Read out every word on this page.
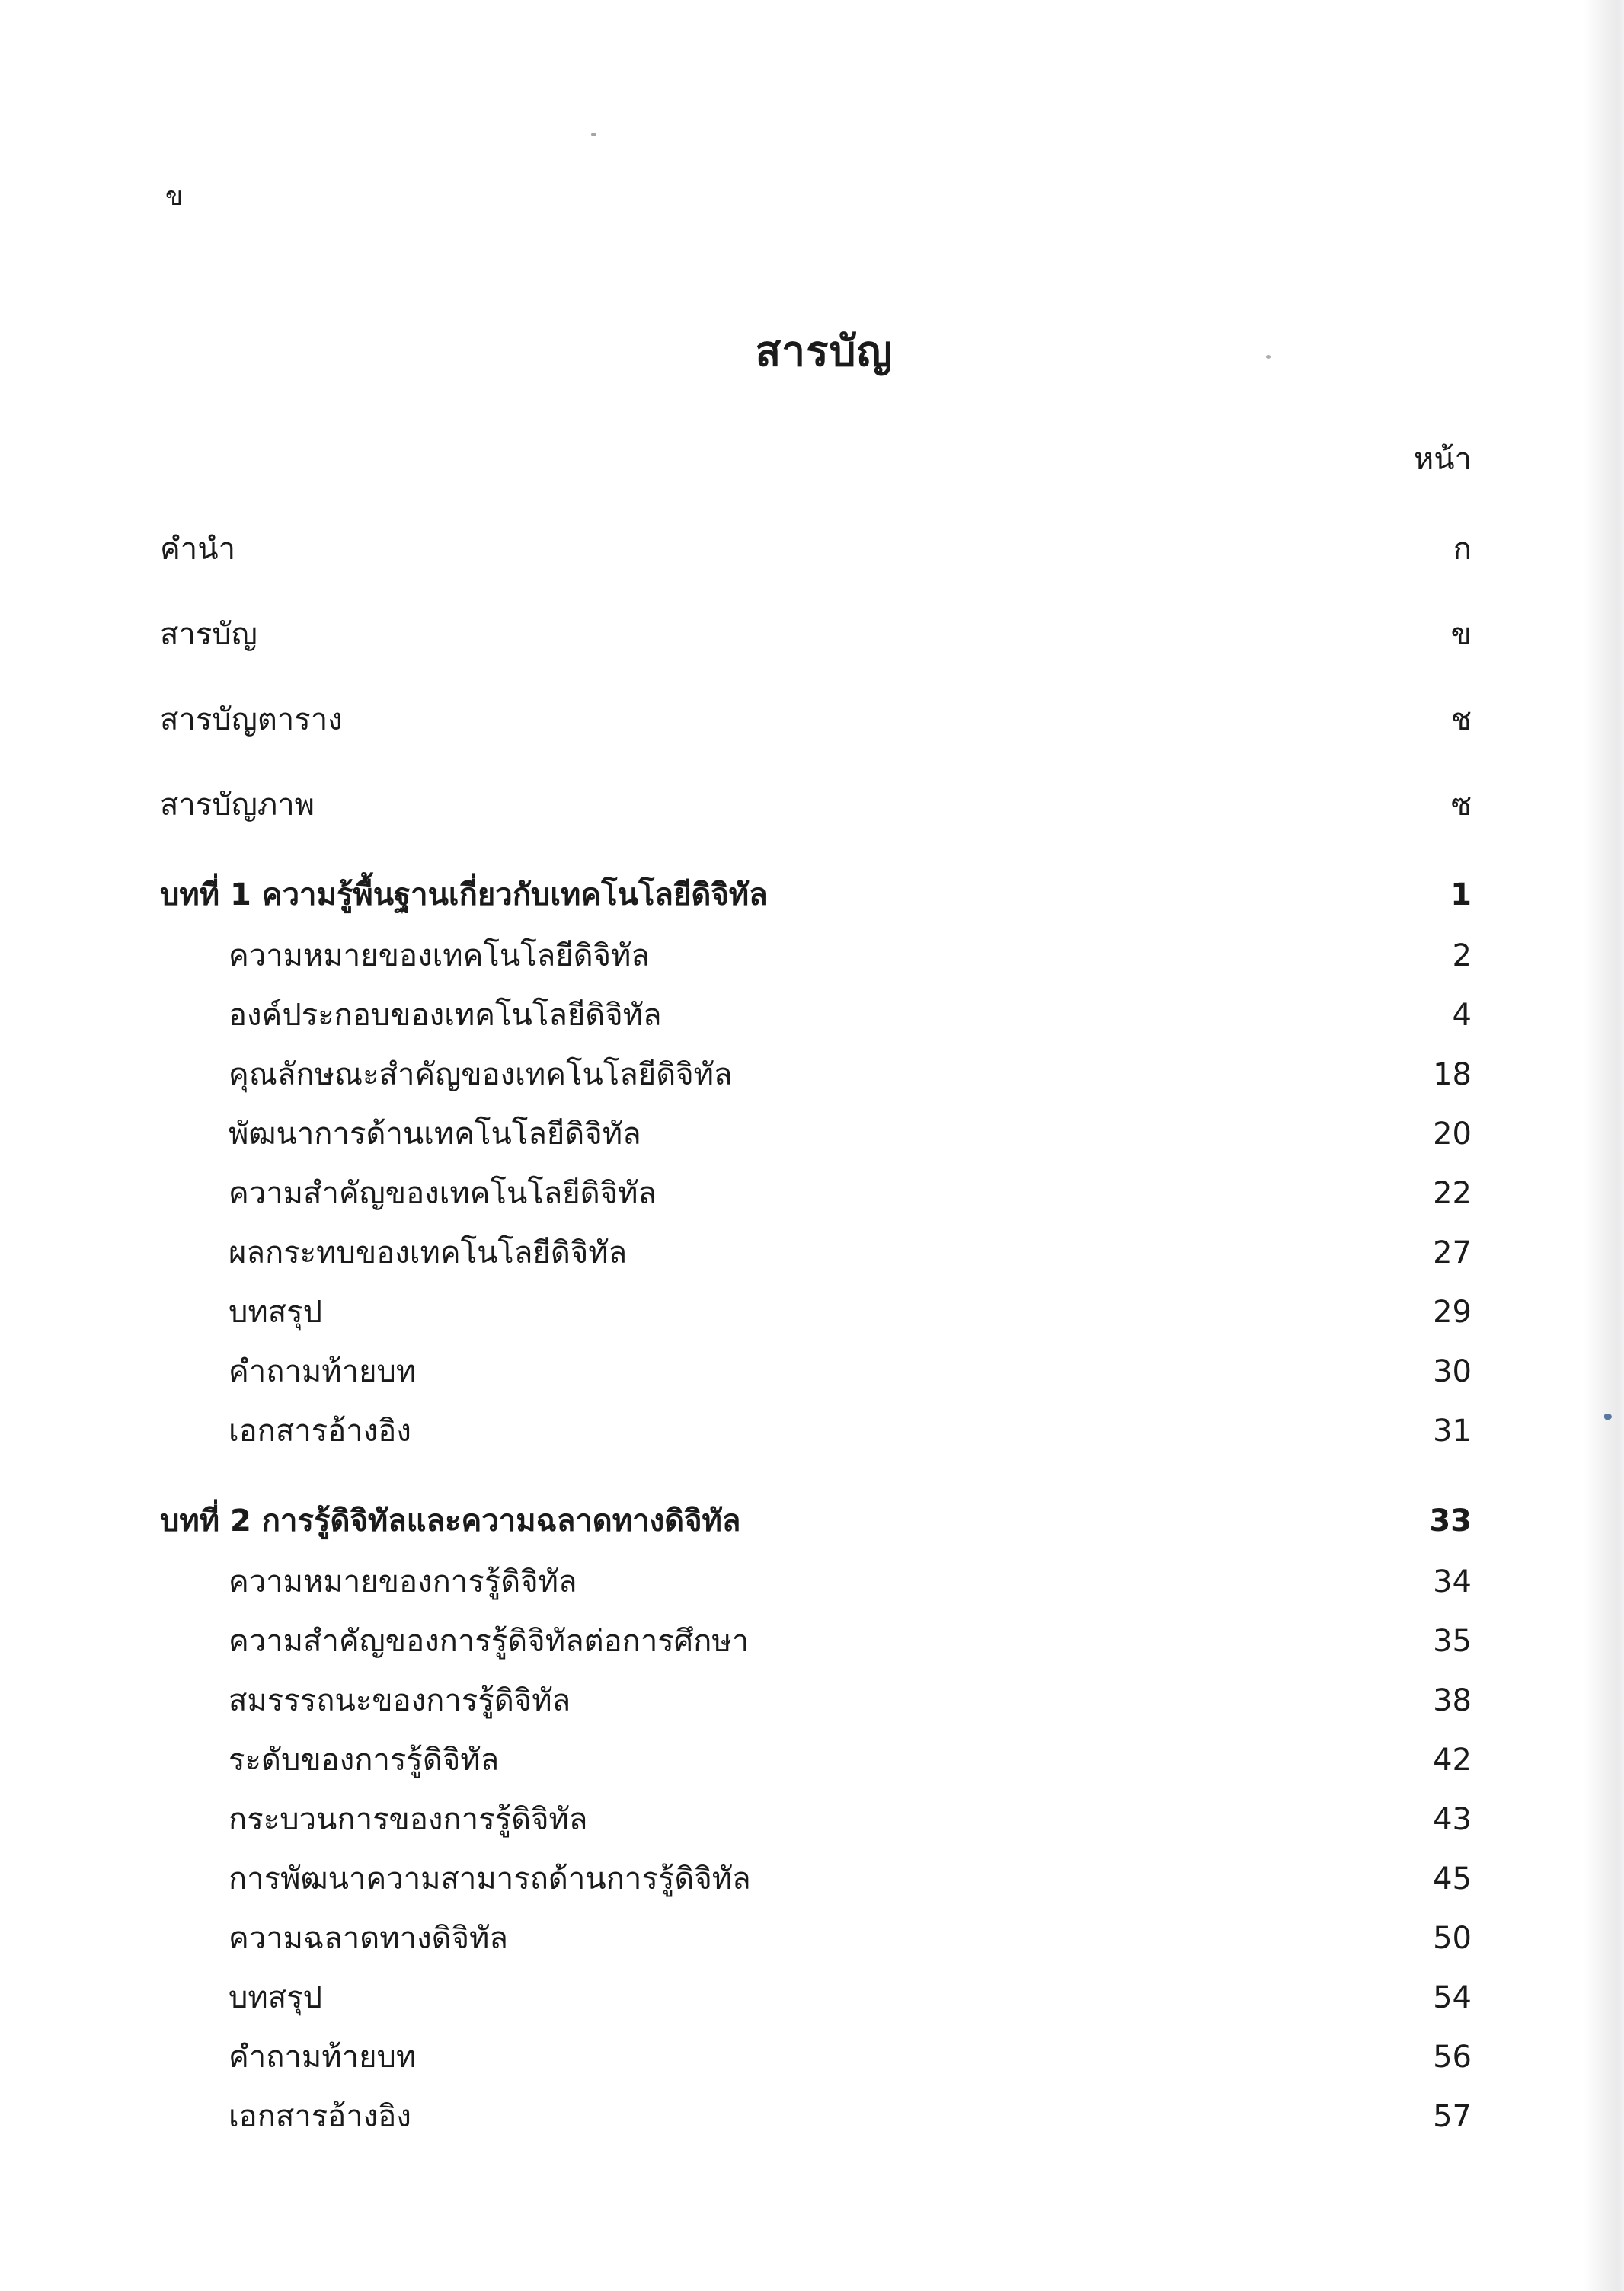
ข
สารบัญ
หน้า
คำนำ	ก
สารบัญ	ข
สารบัญตาราง	ช
สารบัญภาพ	ซ
บทที่ 1 ความรู้พื้นฐานเกี่ยวกับเทคโนโลยีดิจิทัล	1
ความหมายของเทคโนโลยีดิจิทัล	2
องค์ประกอบของเทคโนโลยีดิจิทัล	4
คุณลักษณะสำคัญของเทคโนโลยีดิจิทัล	18
พัฒนาการด้านเทคโนโลยีดิจิทัล	20
ความสำคัญของเทคโนโลยีดิจิทัล	22
ผลกระทบของเทคโนโลยีดิจิทัล	27
บทสรุป	29
คำถามท้ายบท	30
เอกสารอ้างอิง	31
บทที่ 2 การรู้ดิจิทัลและความฉลาดทางดิจิทัล	33
ความหมายของการรู้ดิจิทัล	34
ความสำคัญของการรู้ดิจิทัลต่อการศึกษา	35
สมรรรถนะของการรู้ดิจิทัล	38
ระดับของการรู้ดิจิทัล	42
กระบวนการของการรู้ดิจิทัล	43
การพัฒนาความสามารถด้านการรู้ดิจิทัล	45
ความฉลาดทางดิจิทัล	50
บทสรุป	54
คำถามท้ายบท	56
เอกสารอ้างอิง	57
